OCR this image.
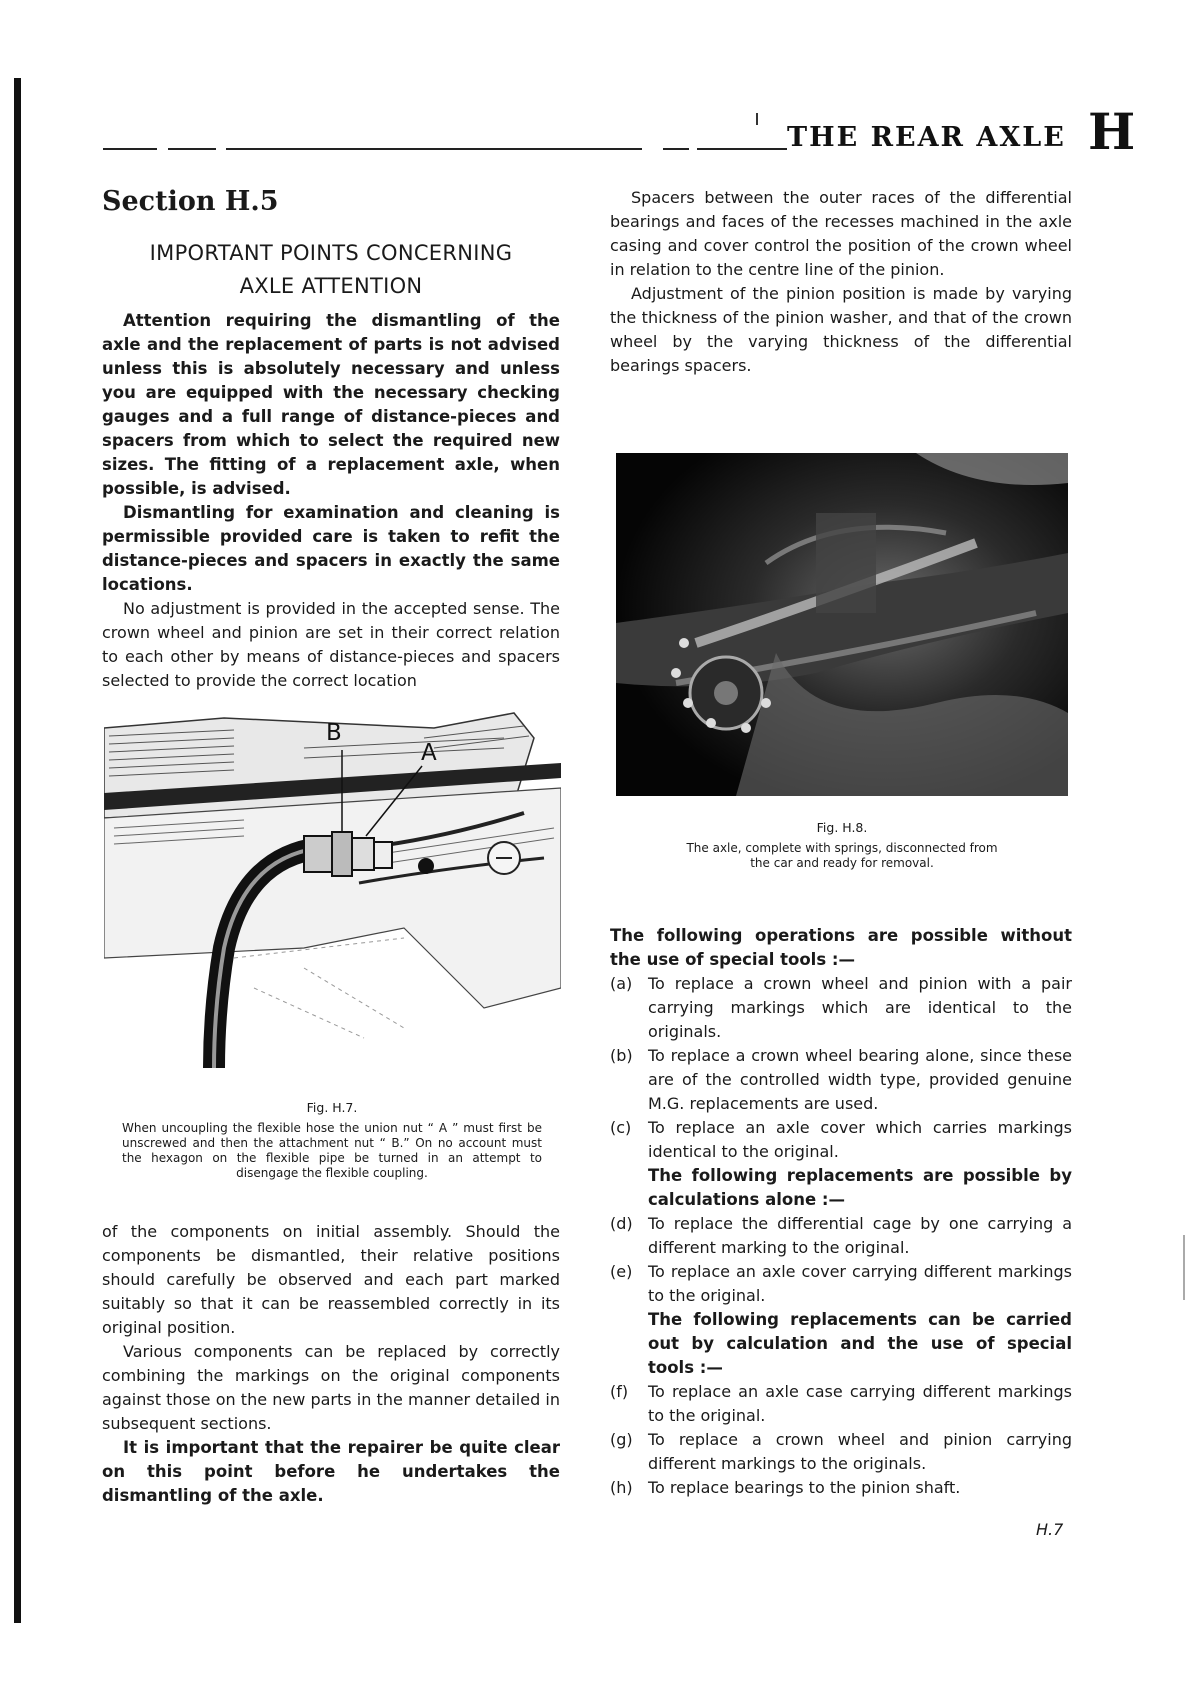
THE REAR AXLE H
Section H.5
IMPORTANT POINTS CONCERNING
AXLE ATTENTION

Attention requiring the dismantling of the axle and the replacement of parts is not advised unless this is absolutely necessary and unless you are equipped with the necessary checking gauges and a full range of distance-pieces and spacers from which to select the required new sizes. The fitting of a replacement axle, when possible, is advised.

Dismantling for examination and cleaning is permissible provided care is taken to refit the distance-pieces and spacers in exactly the same locations.

No adjustment is provided in the accepted sense. The crown wheel and pinion are set in their correct relation to each other by means of distance-pieces and spacers selected to provide the correct location

B
A
Fig. H.7.
When uncoupling the flexible hose the union nut “ A ” must first be unscrewed and then the attachment nut “ B.” On no account must the hexagon on the flexible pipe be turned in an attempt to disengage the flexible coupling.

of the components on initial assembly. Should the components be dismantled, their relative positions should carefully be observed and each part marked suitably so that it can be reassembled correctly in its original position.

Various components can be replaced by correctly combining the markings on the original components against those on the new parts in the manner detailed in subsequent sections.

It is important that the repairer be quite clear on this point before he undertakes the dismantling of the axle.

Spacers between the outer races of the differential bearings and faces of the recesses machined in the axle casing and cover control the position of the crown wheel in relation to the centre line of the pinion.

Adjustment of the pinion position is made by varying the thickness of the pinion washer, and that of the crown wheel by the varying thickness of the differential bearings spacers.

Fig. H.8.
The axle, complete with springs, disconnected from
the car and ready for removal.
The following operations are possible without the use of special tools :—
(a) To replace a crown wheel and pinion with a pair carrying markings which are identical to the originals.
(b) To replace a crown wheel bearing alone, since these are of the controlled width type, provided genuine M.G. replacements are used.
(c) To replace an axle cover which carries markings identical to the original.
The following replacements are possible by calculations alone :—
(d) To replace the differential cage by one carrying a different marking to the original.
(e) To replace an axle cover carrying different markings to the original.
The following replacements can be carried out by calculation and the use of special tools :—
(f) To replace an axle case carrying different markings to the original.
(g) To replace a crown wheel and pinion carrying different markings to the originals.
(h) To replace bearings to the pinion shaft.
H.7
